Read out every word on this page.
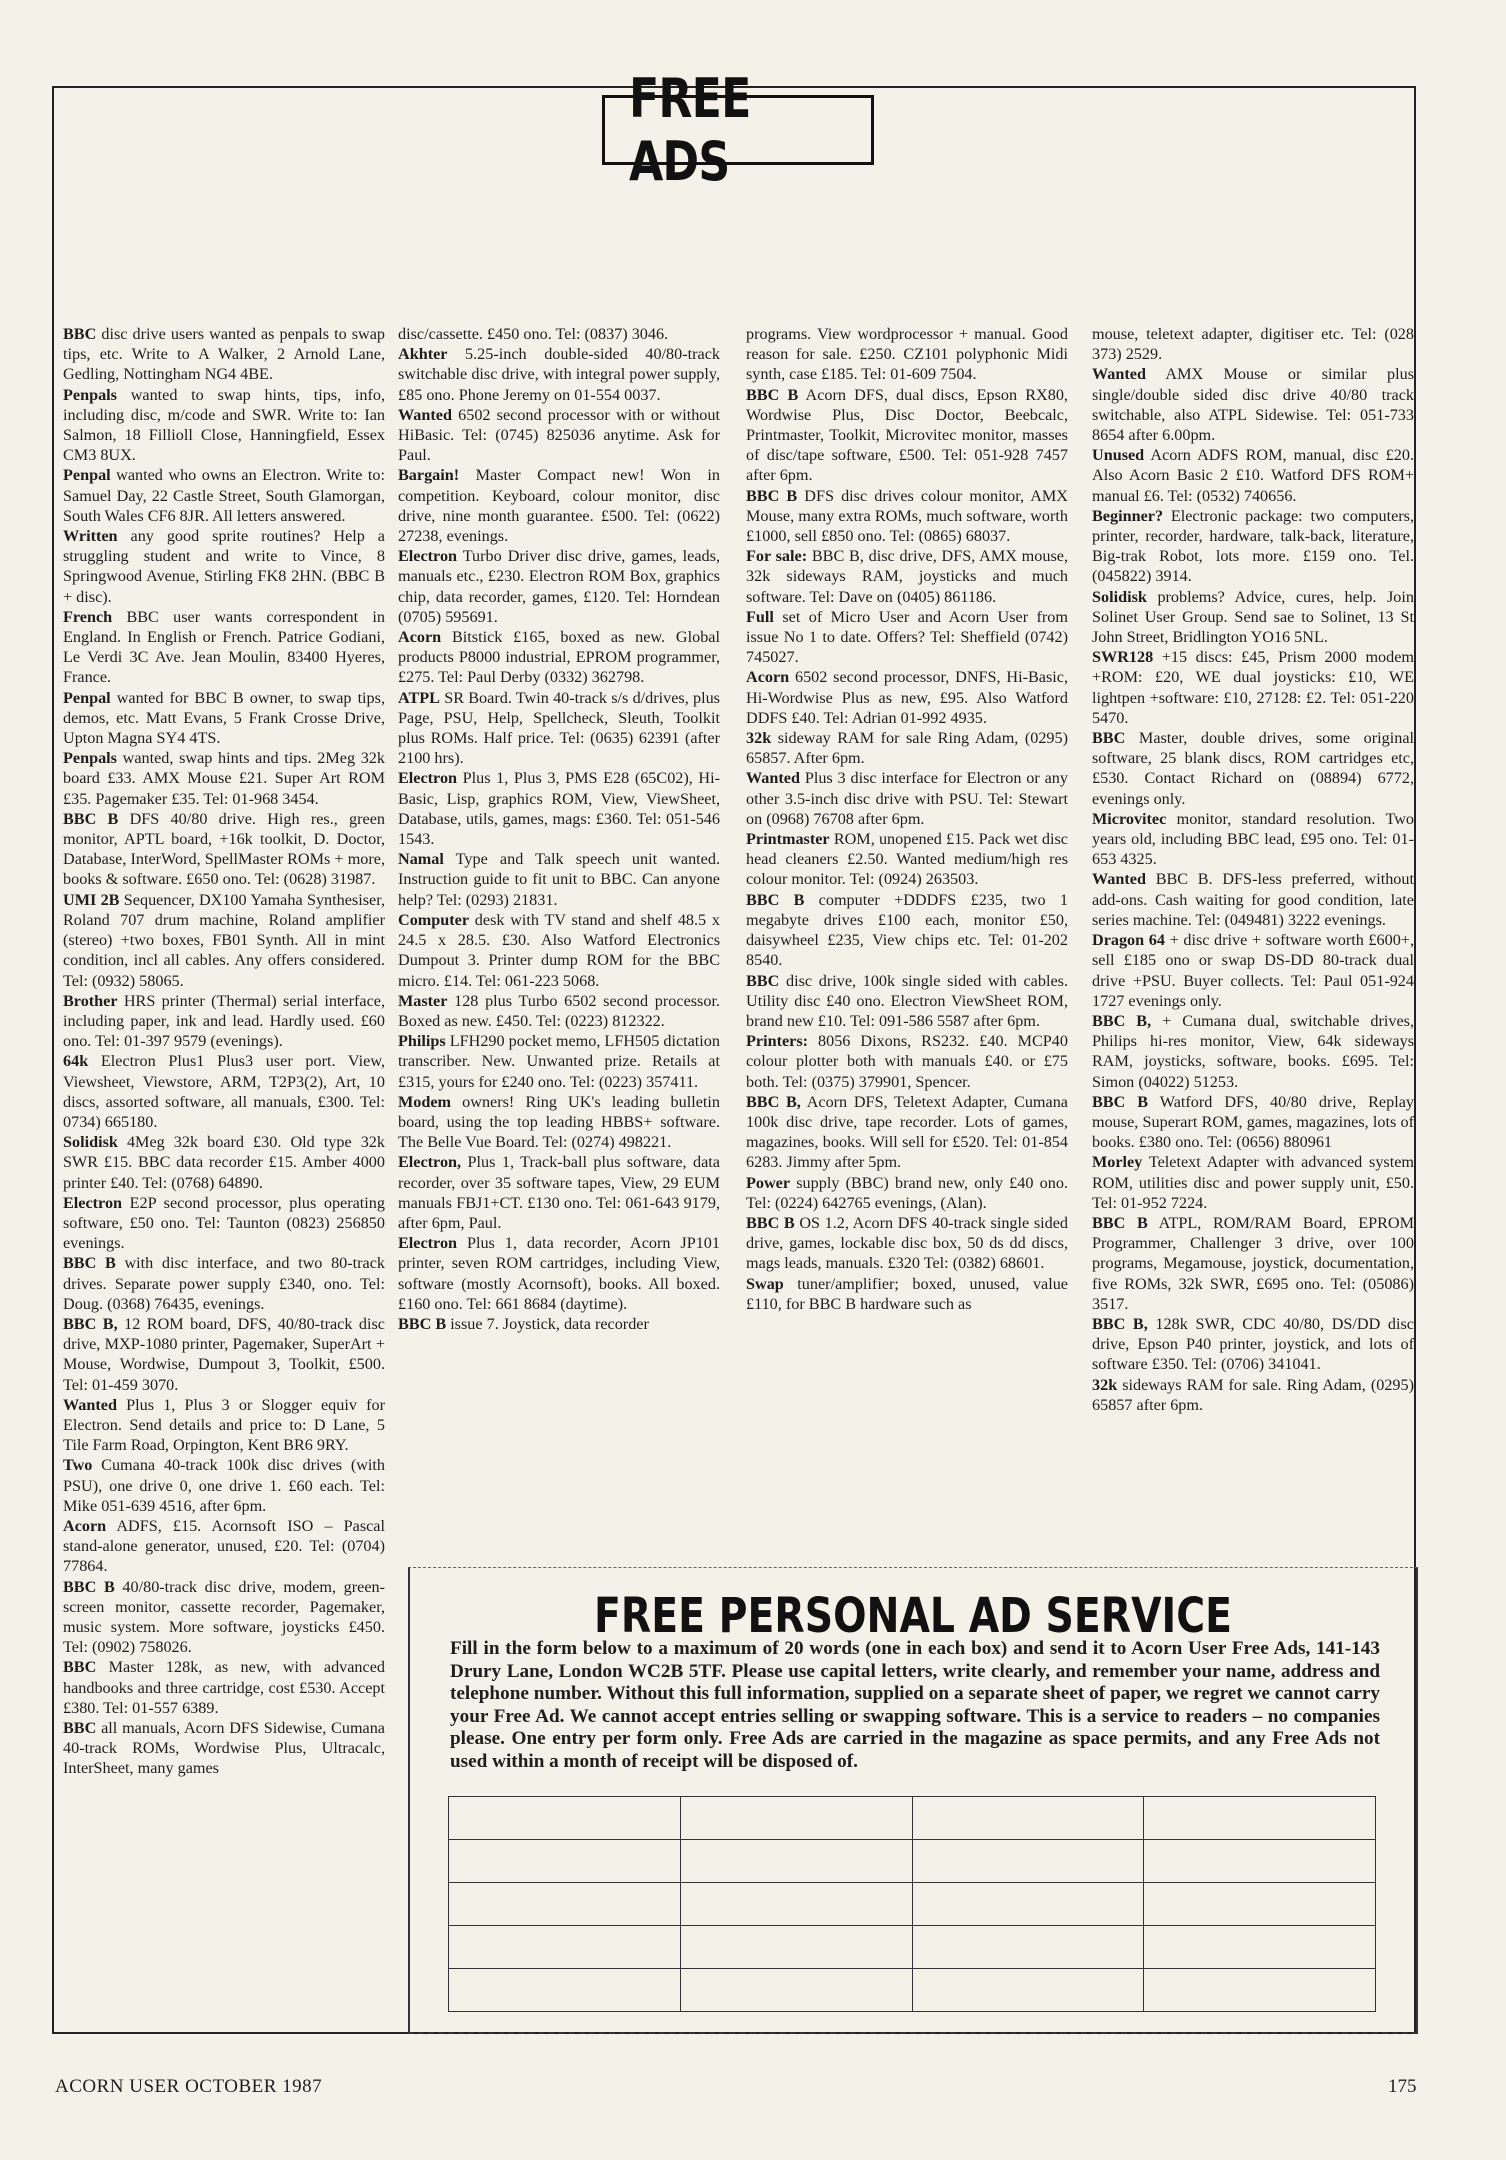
FREE ADS

BBC disc drive users wanted as penpals to swap tips, etc. Write to A Walker, 2 Arnold Lane, Gedling, Nottingham NG4 4BE.

Penpals wanted to swap hints, tips, info, including disc, m/code and SWR. Write to: Ian Salmon, 18 Fillioll Close, Hanningfield, Essex CM3 8UX.

Penpal wanted who owns an Electron. Write to: Samuel Day, 22 Castle Street, South Glamorgan, South Wales CF6 8JR. All letters answered.

Written any good sprite routines? Help a struggling student and write to Vince, 8 Springwood Avenue, Stirling FK8 2HN. (BBC B + disc).

French BBC user wants correspondent in England. In English or French. Patrice Godiani, Le Verdi 3C Ave. Jean Moulin, 83400 Hyeres, France.

Penpal wanted for BBC B owner, to swap tips, demos, etc. Matt Evans, 5 Frank Crosse Drive, Upton Magna SY4 4TS.

Penpals wanted, swap hints and tips. 2Meg 32k board £33. AMX Mouse £21. Super Art ROM £35. Pagemaker £35. Tel: 01-968 3454.

BBC B DFS 40/80 drive. High res., green monitor, APTL board, +16k toolkit, D. Doctor, Database, InterWord, SpellMaster ROMs + more, books & software. £650 ono. Tel: (0628) 31987.

UMI 2B Sequencer, DX100 Yamaha Synthesiser, Roland 707 drum machine, Roland amplifier (stereo) +two boxes, FB01 Synth. All in mint condition, incl all cables. Any offers considered. Tel: (0932) 58065.

Brother HRS printer (Thermal) serial interface, including paper, ink and lead. Hardly used. £60 ono. Tel: 01-397 9579 (evenings).

64k Electron Plus1 Plus3 user port. View, Viewsheet, Viewstore, ARM, T2P3(2), Art, 10 discs, assorted software, all manuals, £300. Tel: 0734) 665180.

Solidisk 4Meg 32k board £30. Old type 32k SWR £15. BBC data recorder £15. Amber 4000 printer £40. Tel: (0768) 64890.

Electron E2P second processor, plus operating software, £50 ono. Tel: Taunton (0823) 256850 evenings.

BBC B with disc interface, and two 80-track drives. Separate power supply £340, ono. Tel: Doug. (0368) 76435, evenings.

BBC B, 12 ROM board, DFS, 40/80-track disc drive, MXP-1080 printer, Pagemaker, SuperArt + Mouse, Wordwise, Dumpout 3, Toolkit, £500. Tel: 01-459 3070.

Wanted Plus 1, Plus 3 or Slogger equiv for Electron. Send details and price to: D Lane, 5 Tile Farm Road, Orpington, Kent BR6 9RY.

Two Cumana 40-track 100k disc drives (with PSU), one drive 0, one drive 1. £60 each. Tel: Mike 051-639 4516, after 6pm.

Acorn ADFS, £15. Acornsoft ISO – Pascal stand-alone generator, unused, £20. Tel: (0704) 77864.

BBC B 40/80-track disc drive, modem, green-screen monitor, cassette recorder, Pagemaker, music system. More software, joysticks £450. Tel: (0902) 758026.

BBC Master 128k, as new, with advanced handbooks and three cartridge, cost £530. Accept £380. Tel: 01-557 6389.

BBC all manuals, Acorn DFS Sidewise, Cumana 40-track ROMs, Wordwise Plus, Ultracalc, InterSheet, many games

disc/cassette. £450 ono. Tel: (0837) 3046.

Akhter 5.25-inch double-sided 40/80-track switchable disc drive, with integral power supply, £85 ono. Phone Jeremy on 01-554 0037.

Wanted 6502 second processor with or without HiBasic. Tel: (0745) 825036 anytime. Ask for Paul.

Bargain! Master Compact new! Won in competition. Keyboard, colour monitor, disc drive, nine month guarantee. £500. Tel: (0622) 27238, evenings.

Electron Turbo Driver disc drive, games, leads, manuals etc., £230. Electron ROM Box, graphics chip, data recorder, games, £120. Tel: Horndean (0705) 595691.

Acorn Bitstick £165, boxed as new. Global products P8000 industrial, EPROM programmer, £275. Tel: Paul Derby (0332) 362798.

ATPL SR Board. Twin 40-track s/s d/drives, plus Page, PSU, Help, Spellcheck, Sleuth, Toolkit plus ROMs. Half price. Tel: (0635) 62391 (after 2100 hrs).

Electron Plus 1, Plus 3, PMS E28 (65C02), Hi-Basic, Lisp, graphics ROM, View, ViewSheet, Database, utils, games, mags: £360. Tel: 051-546 1543.

Namal Type and Talk speech unit wanted. Instruction guide to fit unit to BBC. Can anyone help? Tel: (0293) 21831.

Computer desk with TV stand and shelf 48.5 x 24.5 x 28.5. £30. Also Watford Electronics Dumpout 3. Printer dump ROM for the BBC micro. £14. Tel: 061-223 5068.

Master 128 plus Turbo 6502 second processor. Boxed as new. £450. Tel: (0223) 812322.

Philips LFH290 pocket memo, LFH505 dictation transcriber. New. Unwanted prize. Retails at £315, yours for £240 ono. Tel: (0223) 357411.

Modem owners! Ring UK's leading bulletin board, using the top leading HBBS+ software. The Belle Vue Board. Tel: (0274) 498221.

Electron, Plus 1, Track-ball plus software, data recorder, over 35 software tapes, View, 29 EUM manuals FBJ1+CT. £130 ono. Tel: 061-643 9179, after 6pm, Paul.

Electron Plus 1, data recorder, Acorn JP101 printer, seven ROM cartridges, including View, software (mostly Acornsoft), books. All boxed. £160 ono. Tel: 661 8684 (daytime).

BBC B issue 7. Joystick, data recorder

programs. View wordprocessor + manual. Good reason for sale. £250. CZ101 polyphonic Midi synth, case £185. Tel: 01-609 7504.

BBC B Acorn DFS, dual discs, Epson RX80, Wordwise Plus, Disc Doctor, Beebcalc, Printmaster, Toolkit, Microvitec monitor, masses of disc/tape software, £500. Tel: 051-928 7457 after 6pm.

BBC B DFS disc drives colour monitor, AMX Mouse, many extra ROMs, much software, worth £1000, sell £850 ono. Tel: (0865) 68037.

For sale: BBC B, disc drive, DFS, AMX mouse, 32k sideways RAM, joysticks and much software. Tel: Dave on (0405) 861186.

Full set of Micro User and Acorn User from issue No 1 to date. Offers? Tel: Sheffield (0742) 745027.

Acorn 6502 second processor, DNFS, Hi-Basic, Hi-Wordwise Plus as new, £95. Also Watford DDFS £40. Tel: Adrian 01-992 4935.

32k sideway RAM for sale Ring Adam, (0295) 65857. After 6pm.

Wanted Plus 3 disc interface for Electron or any other 3.5-inch disc drive with PSU. Tel: Stewart on (0968) 76708 after 6pm.

Printmaster ROM, unopened £15. Pack wet disc head cleaners £2.50. Wanted medium/high res colour monitor. Tel: (0924) 263503.

BBC B computer +DDDFS £235, two 1 megabyte drives £100 each, monitor £50, daisywheel £235, View chips etc. Tel: 01-202 8540.

BBC disc drive, 100k single sided with cables. Utility disc £40 ono. Electron ViewSheet ROM, brand new £10. Tel: 091-586 5587 after 6pm.

Printers: 8056 Dixons, RS232. £40. MCP40 colour plotter both with manuals £40. or £75 both. Tel: (0375) 379901, Spencer.

BBC B, Acorn DFS, Teletext Adapter, Cumana 100k disc drive, tape recorder. Lots of games, magazines, books. Will sell for £520. Tel: 01-854 6283. Jimmy after 5pm.

Power supply (BBC) brand new, only £40 ono. Tel: (0224) 642765 evenings, (Alan).

BBC B OS 1.2, Acorn DFS 40-track single sided drive, games, lockable disc box, 50 ds dd discs, mags leads, manuals. £320 Tel: (0382) 68601.

Swap tuner/amplifier; boxed, unused, value £110, for BBC B hardware such as

mouse, teletext adapter, digitiser etc. Tel: (028 373) 2529.

Wanted AMX Mouse or similar plus single/double sided disc drive 40/80 track switchable, also ATPL Sidewise. Tel: 051-733 8654 after 6.00pm.

Unused Acorn ADFS ROM, manual, disc £20. Also Acorn Basic 2 £10. Watford DFS ROM+ manual £6. Tel: (0532) 740656.

Beginner? Electronic package: two computers, printer, recorder, hardware, talk-back, literature, Big-trak Robot, lots more. £159 ono. Tel. (045822) 3914.

Solidisk problems? Advice, cures, help. Join Solinet User Group. Send sae to Solinet, 13 St John Street, Bridlington YO16 5NL.

SWR128 +15 discs: £45, Prism 2000 modem +ROM: £20, WE dual joysticks: £10, WE lightpen +software: £10, 27128: £2. Tel: 051-220 5470.

BBC Master, double drives, some original software, 25 blank discs, ROM cartridges etc, £530. Contact Richard on (08894) 6772, evenings only.

Microvitec monitor, standard resolution. Two years old, including BBC lead, £95 ono. Tel: 01-653 4325.

Wanted BBC B. DFS-less preferred, without add-ons. Cash waiting for good condition, late series machine. Tel: (049481) 3222 evenings.

Dragon 64 + disc drive + software worth £600+, sell £185 ono or swap DS-DD 80-track dual drive +PSU. Buyer collects. Tel: Paul 051-924 1727 evenings only.

BBC B, + Cumana dual, switchable drives, Philips hi-res monitor, View, 64k sideways RAM, joysticks, software, books. £695. Tel: Simon (04022) 51253.

BBC B Watford DFS, 40/80 drive, Replay mouse, Superart ROM, games, magazines, lots of books. £380 ono. Tel: (0656) 880961

Morley Teletext Adapter with advanced system ROM, utilities disc and power supply unit, £50. Tel: 01-952 7224.

BBC B ATPL, ROM/RAM Board, EPROM Programmer, Challenger 3 drive, over 100 programs, Megamouse, joystick, documentation, five ROMs, 32k SWR, £695 ono. Tel: (05086) 3517.

BBC B, 128k SWR, CDC 40/80, DS/DD disc drive, Epson P40 printer, joystick, and lots of software £350. Tel: (0706) 341041.

32k sideways RAM for sale. Ring Adam, (0295) 65857 after 6pm.

FREE PERSONAL AD SERVICE
Fill in the form below to a maximum of 20 words (one in each box) and send it to Acorn User Free Ads, 141-143 Drury Lane, London WC2B 5TF. Please use capital letters, write clearly, and remember your name, address and telephone number. Without this full information, supplied on a separate sheet of paper, we regret we cannot carry your Free Ad. We cannot accept entries selling or swapping software. This is a service to readers – no companies please. One entry per form only. Free Ads are carried in the magazine as space permits, and any Free Ads not used within a month of receipt will be disposed of.

ACORN USER OCTOBER 1987	175
